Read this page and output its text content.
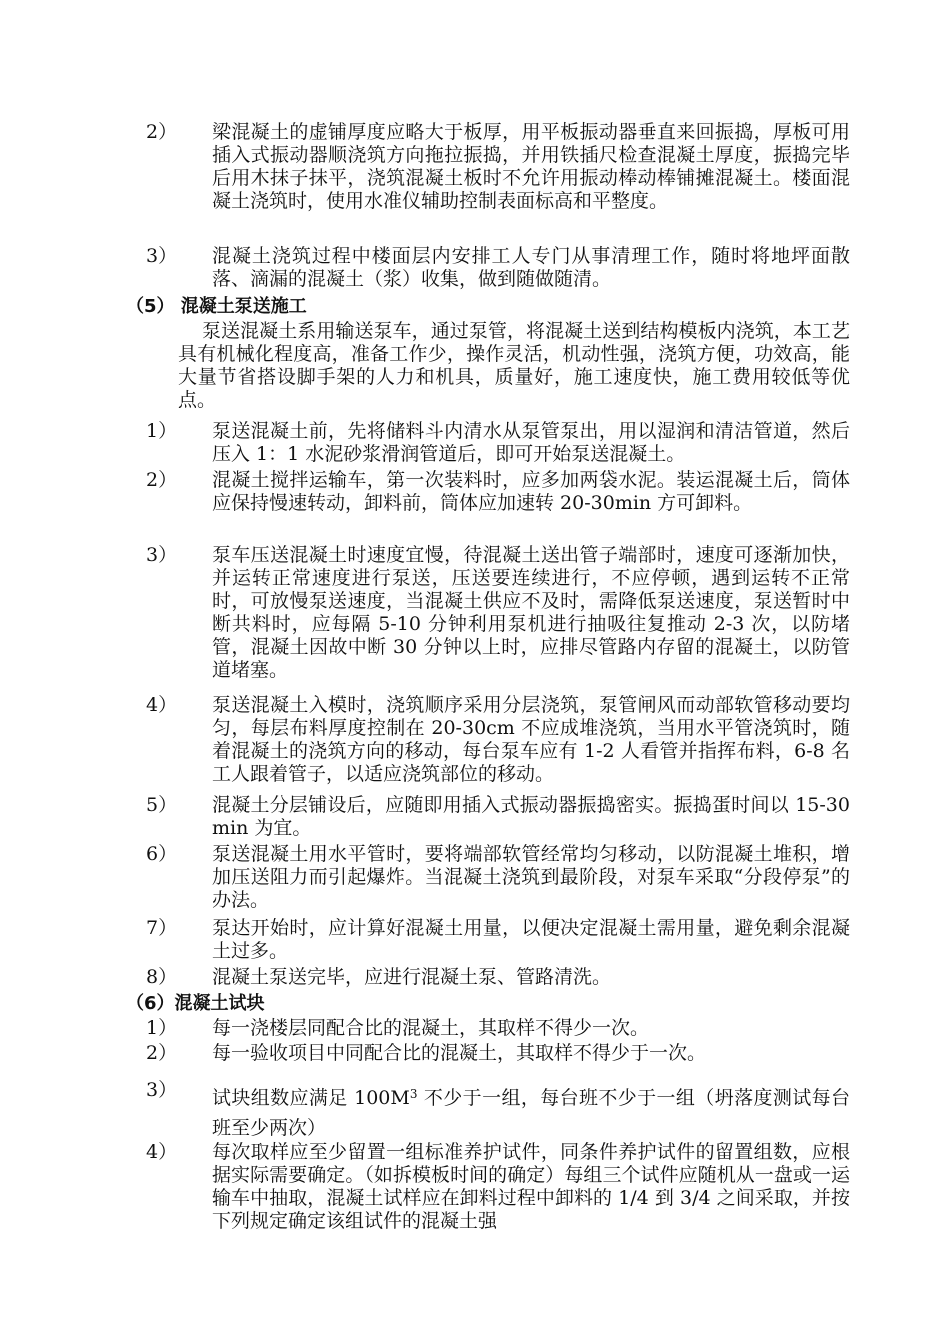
2）	梁混凝土的虚铺厚度应略大于板厚，用平板振动器垂直来回振捣，厚板可用插入式振动器顺浇筑方向拖拉振捣，并用铁插尺检查混凝土厚度，振捣完毕后用木抹子抹平，浇筑混凝土板时不允许用振动棒动棒铺摊混凝土。楼面混凝土浇筑时，使用水准仪辅助控制表面标高和平整度。
3）	混凝土浇筑过程中楼面层内安排工人专门从事清理工作，随时将地坪面散落、滴漏的混凝土（浆）收集，做到随做随清。
（5） 混凝土泵送施工
泵送混凝土系用输送泵车，通过泵管，将混凝土送到结构模板内浇筑，本工艺具有机械化程度高，准备工作少，操作灵活，机动性强，浇筑方便，功效高，能大量节省搭设脚手架的人力和机具，质量好，施工速度快，施工费用较低等优点。
1）	泵送混凝土前，先将储料斗内清水从泵管泵出，用以湿润和清洁管道，然后压入 1：1 水泥砂浆滑润管道后，即可开始泵送混凝土。
2）	混凝土搅拌运输车，第一次装料时，应多加两袋水泥。装运混凝土后，筒体应保持慢速转动，卸料前，筒体应加速转 20-30min 方可卸料。
3）	泵车压送混凝土时速度宜慢，待混凝土送出管子端部时，速度可逐渐加快，并运转正常速度进行泵送，压送要连续进行，不应停顿，遇到运转不正常时，可放慢泵送速度，当混凝土供应不及时，需降低泵送速度，泵送暂时中断共料时，应每隔 5-10 分钟利用泵机进行抽吸往复推动 2-3 次，以防堵管，混凝土因故中断 30 分钟以上时，应排尽管路内存留的混凝土，以防管道堵塞。
4）	泵送混凝土入模时，浇筑顺序采用分层浇筑，泵管闸风而动部软管移动要均匀，每层布料厚度控制在 20-30cm 不应成堆浇筑，当用水平管浇筑时，随着混凝土的浇筑方向的移动，每台泵车应有 1-2 人看管并指挥布料，6-8 名工人跟着管子，以适应浇筑部位的移动。
5）	混凝土分层铺设后，应随即用插入式振动器振捣密实。振捣蛋时间以 15-30min 为宜。
6）	泵送混凝土用水平管时，要将端部软管经常均匀移动，以防混凝土堆积，增加压送阻力而引起爆炸。当混凝土浇筑到最阶段，对泵车采取“分段停泵”的办法。
7）	泵达开始时，应计算好混凝土用量，以便决定混凝土需用量，避免剩余混凝土过多。
8）	混凝土泵送完毕，应进行混凝土泵、管路清洗。
（6）混凝土试块
1）	每一浇楼层同配合比的混凝土，其取样不得少一次。
2）	每一验收项目中同配合比的混凝土，其取样不得少于一次。
3）	试块组数应满足 $100M^3$ 不少于一组，每台班不少于一组（坍落度测试每台班至少两次）
4）	每次取样应至少留置一组标准养护试件，同条件养护试件的留置组数，应根据实际需要确定。（如拆模板时间的确定）每组三个试件应随机从一盘或一运输车中抽取，混凝土试样应在卸料过程中卸料的 1/4 到 3/4 之间采取，并按下列规定确定该组试件的混凝土强
